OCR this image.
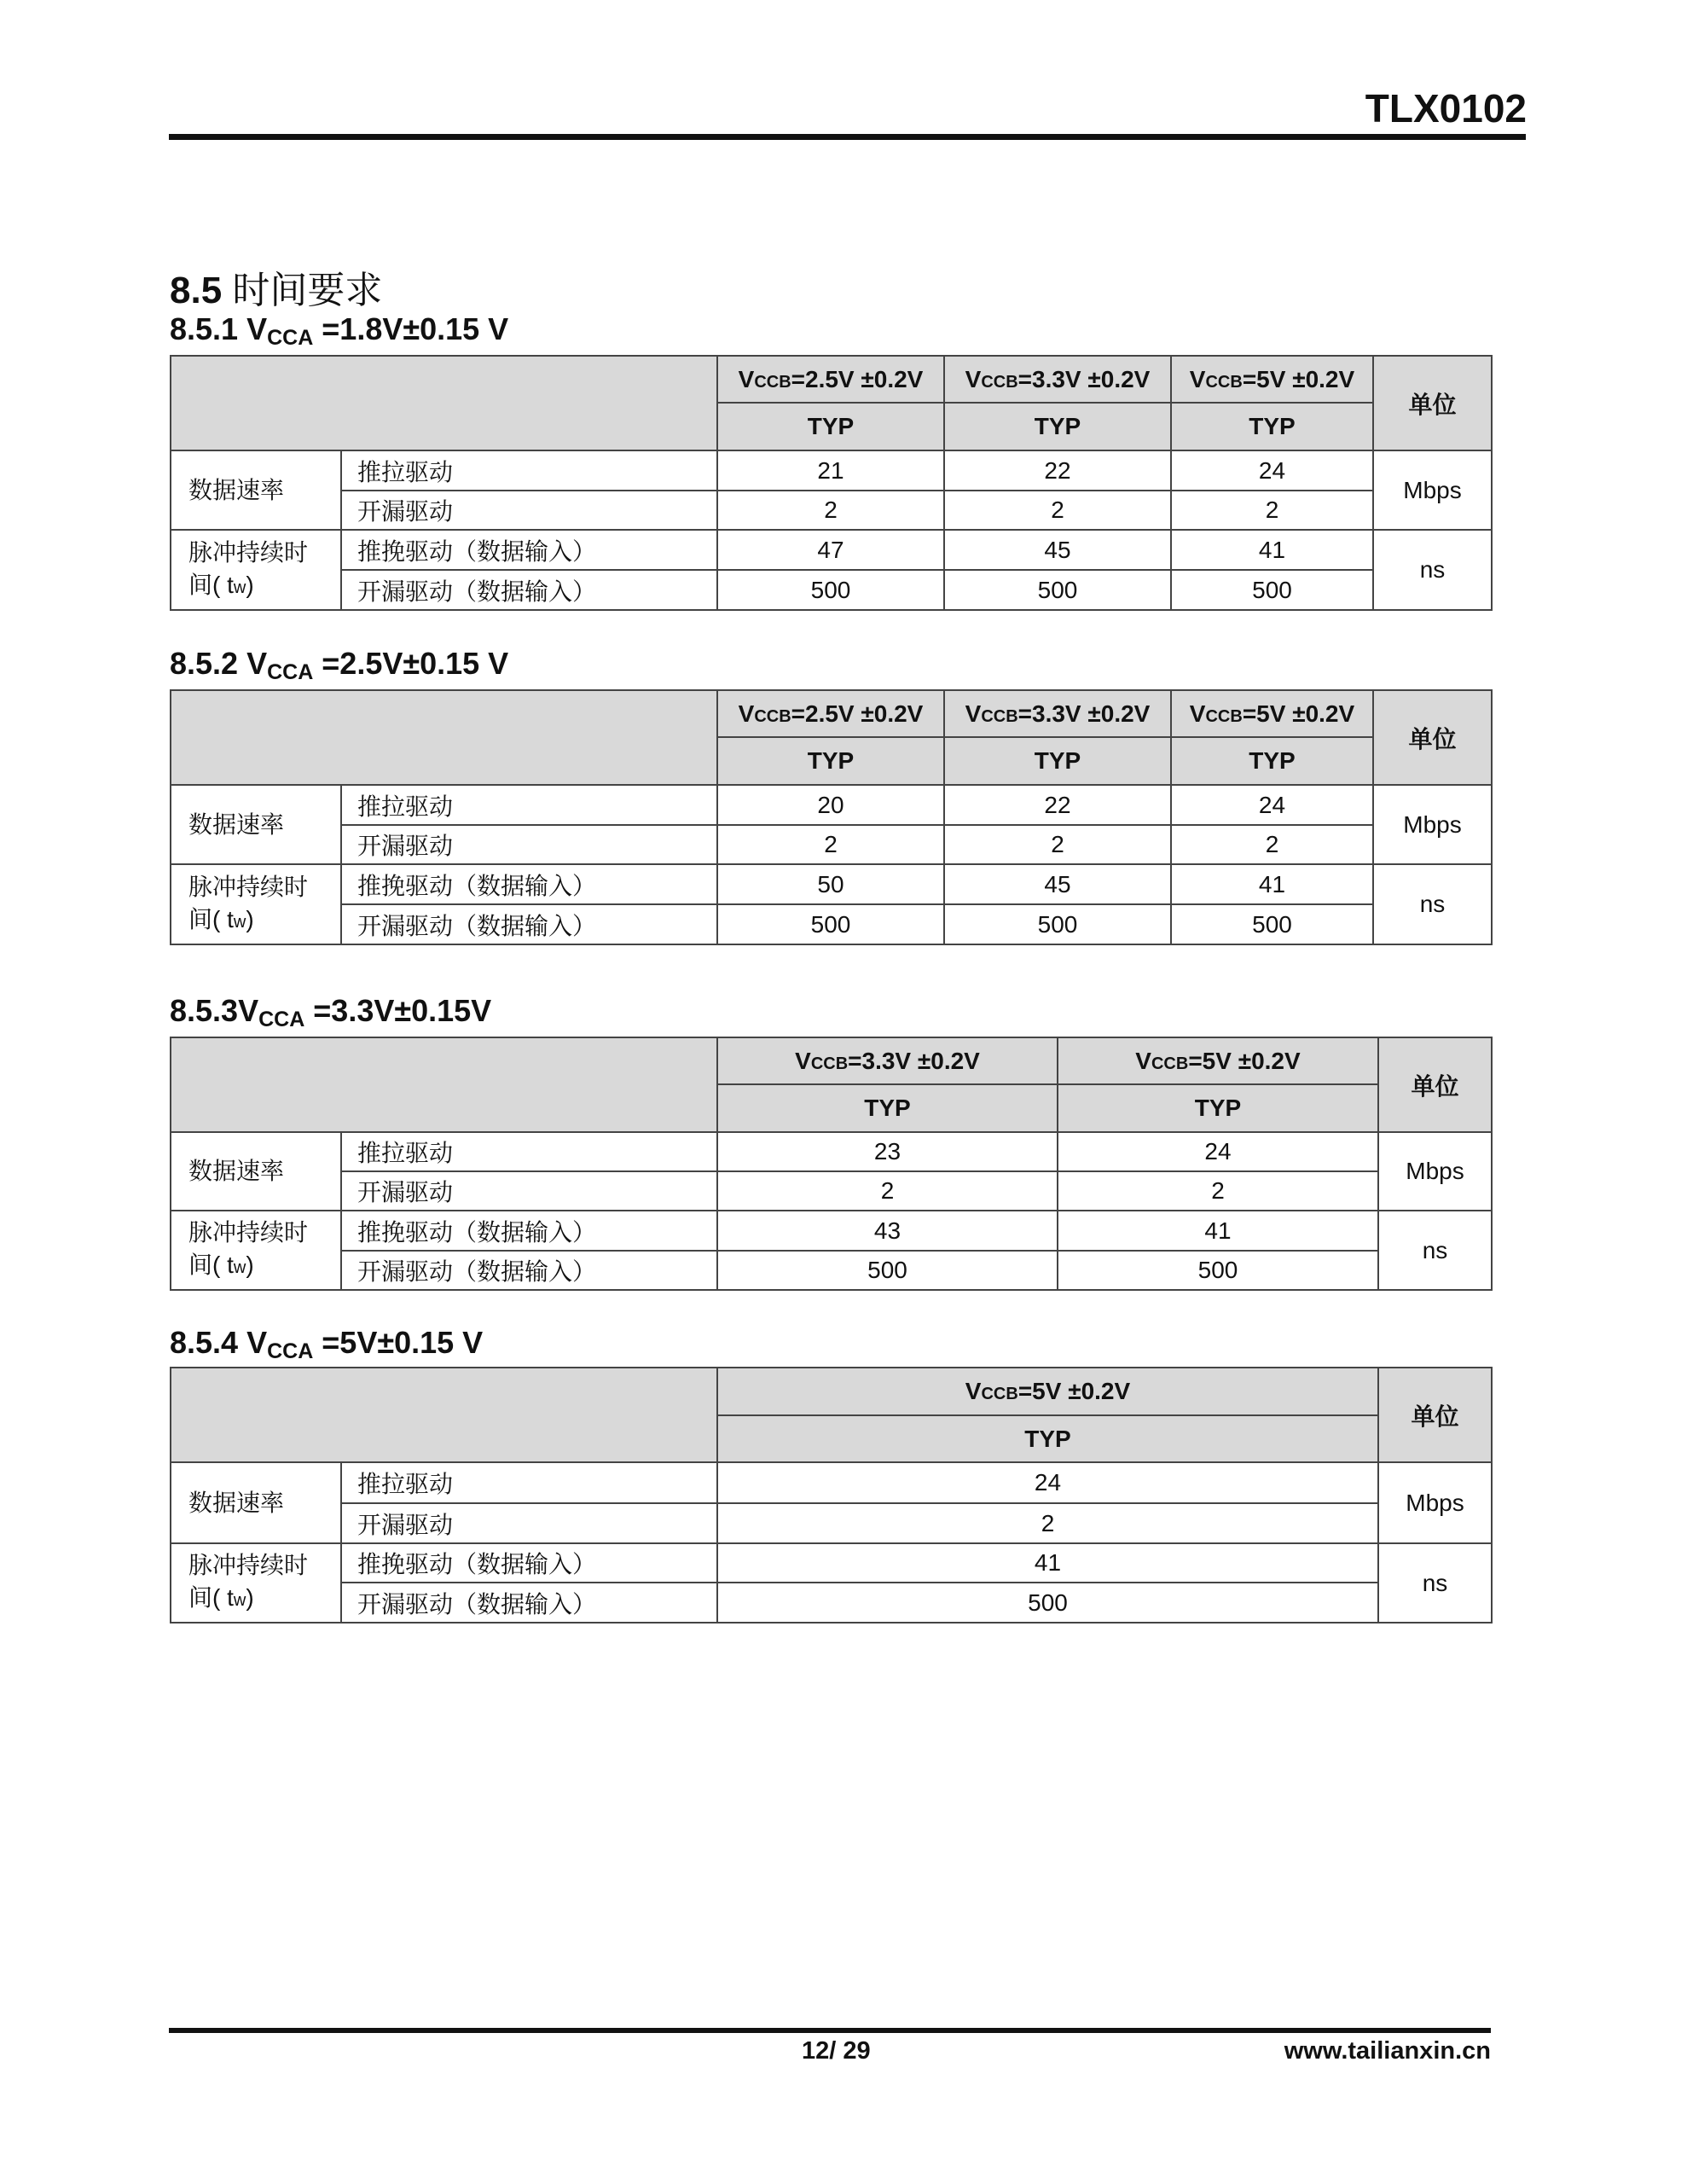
TLX0102
8.5 时间要求
8.5.1 $V_{CCA} =1.8V\pm 0.15$ V
		VCCB=2.5V ±0.2V	VCCB=3.3V ±0.2V	VCCB=5V ±0.2V	单位
		TYP	TYP	TYP	
数据速率	推拉驱动	21	22	24	Mbps
	开漏驱动	2	2	2	
脉冲持续时
间( tw)	推挽驱动（数据输入）	47	45	41	ns
	开漏驱动（数据输入）	500	500	500	
8.5.2 $V_{CCA} =2.5V\pm 0.15$ V
		VCCB=2.5V ±0.2V	VCCB=3.3V ±0.2V	VCCB=5V ±0.2V	单位
		TYP	TYP	TYP	
数据速率	推拉驱动	20	22	24	Mbps
	开漏驱动	2	2	2	
脉冲持续时
间( tw)	推挽驱动（数据输入）	50	45	41	ns
	开漏驱动（数据输入）	500	500	500	
$8.5.3V_{CCA} =3.3V\pm 0.15V$
		VCCB=3.3V ±0.2V	VCCB=5V ±0.2V	单位
		TYP	TYP	
数据速率	推拉驱动	23	24	Mbps
	开漏驱动	2	2	
脉冲持续时
间( tw)	推挽驱动（数据输入）	43	41	ns
	开漏驱动（数据输入）	500	500	
8.5.4 $V_{CCA} =5V\pm 0.15$ V
		VCCB=5V ±0.2V	单位
		TYP	
数据速率	推拉驱动	24	Mbps
	开漏驱动	2	
脉冲持续时
间( tw)	推挽驱动（数据输入）	41	ns
	开漏驱动（数据输入）	500	
12/ 29	www.tailianxin.cn
